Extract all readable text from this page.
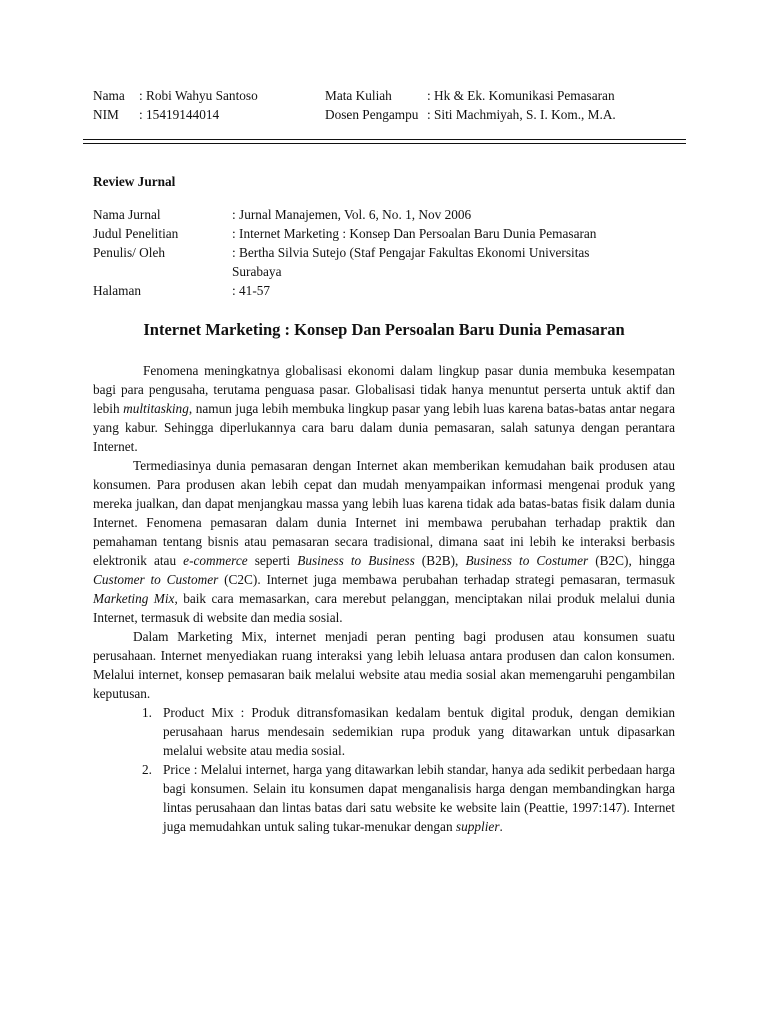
Nama	: Robi Wahyu Santoso	Mata Kuliah	: Hk & Ek. Komunikasi Pemasaran
NIM	: 15419144014	Dosen Pengampu : Siti Machmiyah, S. I. Kom., M.A.
Review Jurnal
Nama Jurnal	: Jurnal Manajemen, Vol. 6, No. 1, Nov 2006
Judul Penelitian	: Internet Marketing : Konsep Dan Persoalan Baru Dunia Pemasaran
Penulis/ Oleh	: Bertha Silvia Sutejo (Staf Pengajar Fakultas Ekonomi Universitas
Surabaya
Halaman	: 41-57
Internet Marketing : Konsep Dan Persoalan Baru Dunia Pemasaran

Fenomena meningkatnya globalisasi ekonomi dalam lingkup pasar dunia membuka kesempatan bagi para pengusaha, terutama penguasa pasar. Globalisasi tidak hanya menuntut perserta untuk aktif dan lebih multitasking, namun juga lebih membuka lingkup pasar yang lebih luas karena batas-batas antar negara yang kabur. Sehingga diperlukannya cara baru dalam dunia pemasaran, salah satunya dengan perantara Internet.

Termediasinya dunia pemasaran dengan Internet akan memberikan kemudahan baik produsen atau konsumen. Para produsen akan lebih cepat dan mudah menyampaikan informasi mengenai produk yang mereka jualkan, dan dapat menjangkau massa yang lebih luas karena tidak ada batas-batas fisik dalam dunia Internet. Fenomena pemasaran dalam dunia Internet ini membawa perubahan terhadap praktik dan pemahaman tentang bisnis atau pemasaran secara tradisional, dimana saat ini lebih ke interaksi berbasis elektronik atau e-commerce seperti Business to Business (B2B), Business to Costumer (B2C), hingga Customer to Customer (C2C). Internet juga membawa perubahan terhadap strategi pemasaran, termasuk Marketing Mix, baik cara memasarkan, cara merebut pelanggan, menciptakan nilai produk melalui dunia Internet, termasuk di website dan media sosial.

Dalam Marketing Mix, internet menjadi peran penting bagi produsen atau konsumen suatu perusahaan. Internet menyediakan ruang interaksi yang lebih leluasa antara produsen dan calon konsumen. Melalui internet, konsep pemasaran baik melalui website atau media sosial akan memengaruhi pengambilan keputusan.

1. Product Mix : Produk ditransfomasikan kedalam bentuk digital produk, dengan demikian perusahaan harus mendesain sedemikian rupa produk yang ditawarkan untuk dipasarkan melalui website atau media sosial.
2. Price : Melalui internet, harga yang ditawarkan lebih standar, hanya ada sedikit perbedaan harga bagi konsumen. Selain itu konsumen dapat menganalisis harga dengan membandingkan harga lintas perusahaan dan lintas batas dari satu website ke website lain (Peattie, 1997:147). Internet juga memudahkan untuk saling tukar-menukar dengan supplier.
